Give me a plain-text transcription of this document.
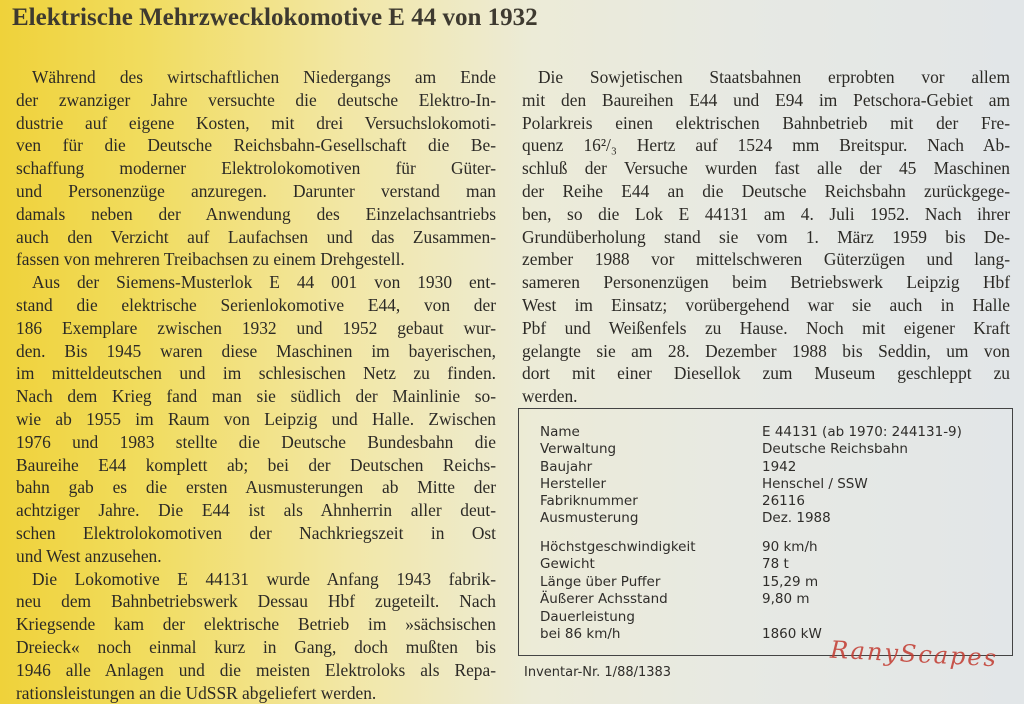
Elektrische Mehrzwecklokomotive E 44 von 1932
Während des wirtschaftlichen Niedergangs am Ende
der zwanziger Jahre versuchte die deutsche Elektro-In-
dustrie auf eigene Kosten, mit drei Versuchslokomoti-
ven für die Deutsche Reichsbahn-Gesellschaft die Be-
schaffung moderner Elektrolokomotiven für Güter-
und Personenzüge anzuregen. Darunter verstand man
damals neben der Anwendung des Einzelachsantriebs
auch den Verzicht auf Laufachsen und das Zusammen-
fassen von mehreren Treibachsen zu einem Drehgestell.
Aus der Siemens-Musterlok E 44 001 von 1930 ent-
stand die elektrische Serienlokomotive E44, von der
186 Exemplare zwischen 1932 und 1952 gebaut wur-
den. Bis 1945 waren diese Maschinen im bayerischen,
im mitteldeutschen und im schlesischen Netz zu finden.
Nach dem Krieg fand man sie südlich der Mainlinie so-
wie ab 1955 im Raum von Leipzig und Halle. Zwischen
1976 und 1983 stellte die Deutsche Bundesbahn die
Baureihe E44 komplett ab; bei der Deutschen Reichs-
bahn gab es die ersten Ausmusterungen ab Mitte der
achtziger Jahre. Die E44 ist als Ahnherrin aller deut-
schen Elektrolokomotiven der Nachkriegszeit in Ost
und West anzusehen.
Die Lokomotive E 44131 wurde Anfang 1943 fabrik-
neu dem Bahnbetriebswerk Dessau Hbf zugeteilt. Nach
Kriegsende kam der elektrische Betrieb im »sächsischen
Dreieck« noch einmal kurz in Gang, doch mußten bis
1946 alle Anlagen und die meisten Elektroloks als Repa-
rationsleistungen an die UdSSR abgeliefert werden.
Die Sowjetischen Staatsbahnen erprobten vor allem
mit den Baureihen E44 und E94 im Petschora-Gebiet am
Polarkreis einen elektrischen Bahnbetrieb mit der Fre-
quenz 16²/₃ Hertz auf 1524 mm Breitspur. Nach Ab-
schluß der Versuche wurden fast alle der 45 Maschinen
der Reihe E44 an die Deutsche Reichsbahn zurückgege-
ben, so die Lok E 44131 am 4. Juli 1952. Nach ihrer
Grundüberholung stand sie vom 1. März 1959 bis De-
zember 1988 vor mittelschweren Güterzügen und lang-
sameren Personenzügen beim Betriebswerk Leipzig Hbf
West im Einsatz; vorübergehend war sie auch in Halle
Pbf und Weißenfels zu Hause. Noch mit eigener Kraft
gelangte sie am 28. Dezember 1988 bis Seddin, um von
dort mit einer Diesellok zum Museum geschleppt zu
werden.
Name
Verwaltung
Baujahr
Hersteller
Fabriknummer
Ausmusterung
E 44131 (ab 1970: 244131-9)
Deutsche Reichsbahn
1942
Henschel / SSW
26116
Dez. 1988
Höchstgeschwindigkeit
Gewicht
Länge über Puffer
Äußerer Achsstand
90 km/h
78 t
15,29 m
9,80 m
Dauerleistung
bei 86 km/h	1860 kW
Inventar-Nr. 1/88/1383
RanyScapes
